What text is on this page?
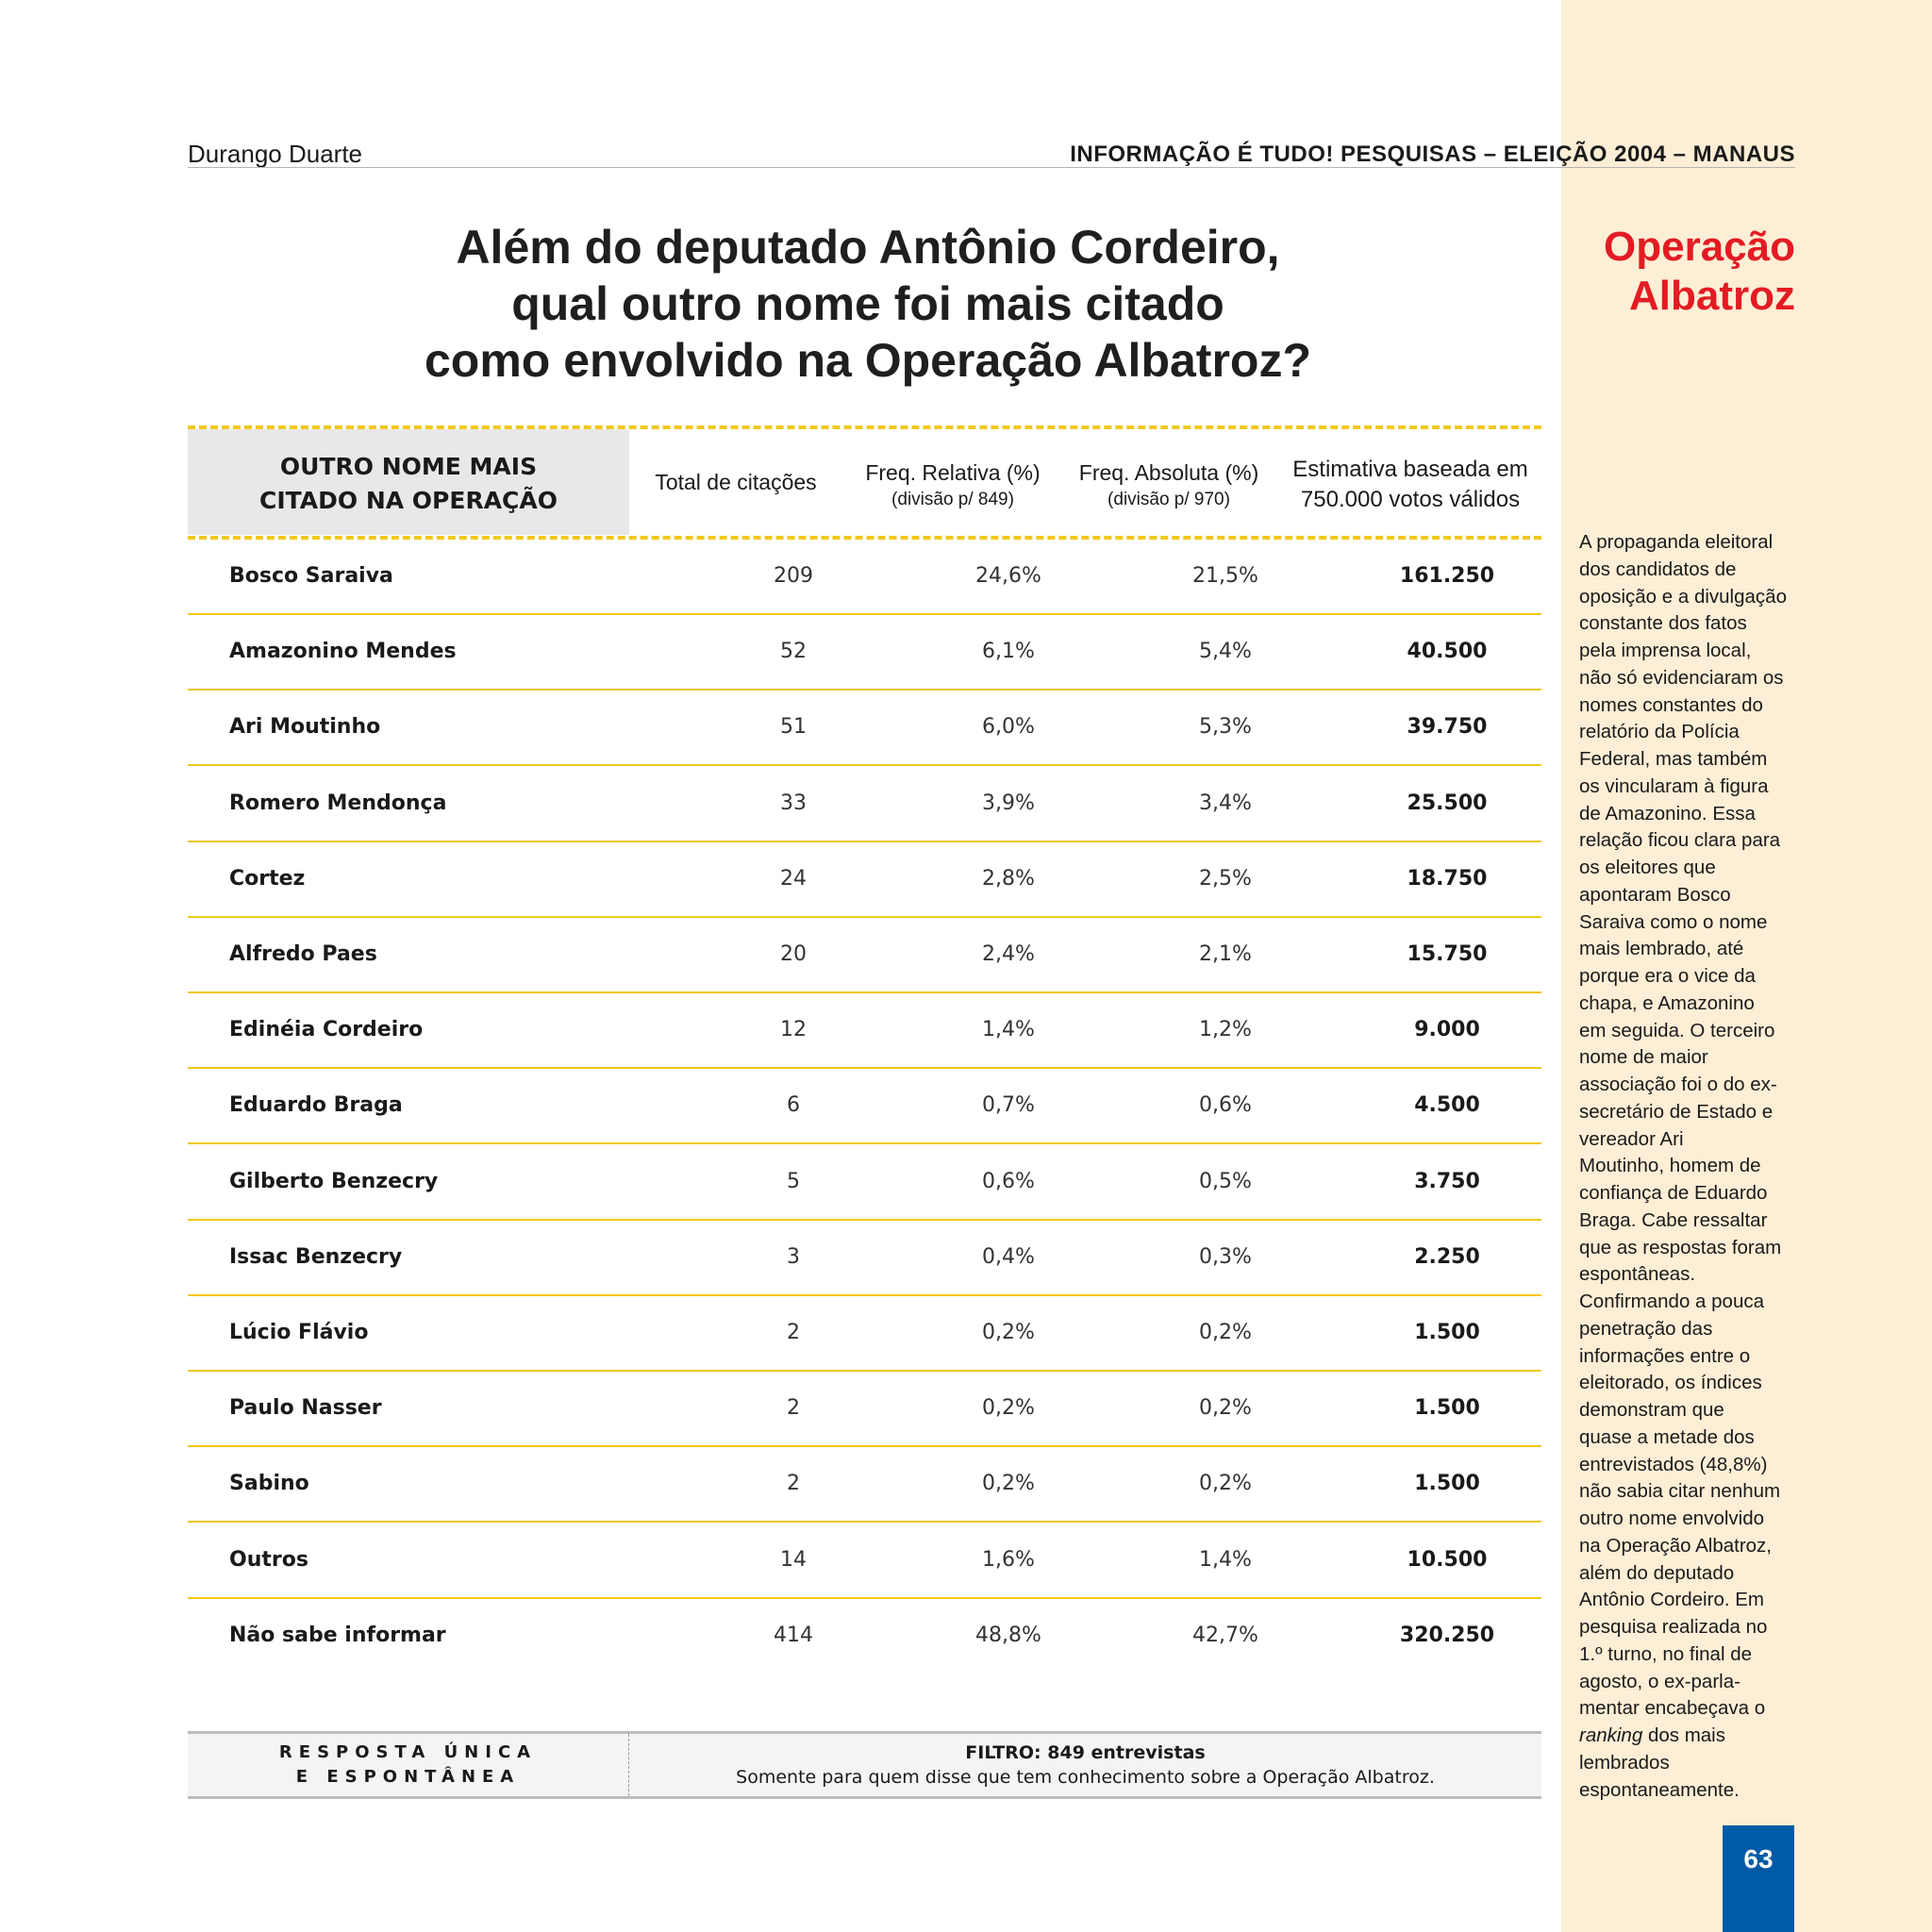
Durango Duarte	INFORMAÇÃO É TUDO! PESQUISAS – ELEIÇÃO 2004 – MANAUS
Além do deputado Antônio Cordeiro,
qual outro nome foi mais citado
como envolvido na Operação Albatroz?
Operação
Albatroz
A propaganda eleitoral
dos candidatos de
oposição e a divulgação
constante dos fatos
pela imprensa local,
não só evidenciaram os
nomes constantes do
relatório da Polícia
Federal, mas também
os vincularam à figura
de Amazonino. Essa
relação ficou clara para
os eleitores que
apontaram Bosco
Saraiva como o nome
mais lembrado, até
porque era o vice da
chapa, e Amazonino
em seguida. O terceiro
nome de maior
associação foi o do ex-
secretário de Estado e
vereador Ari
Moutinho, homem de
confiança de Eduardo
Braga. Cabe ressaltar
que as respostas foram
espontâneas.
Confirmando a pouca
penetração das
informações entre o
eleitorado, os índices
demonstram que
quase a metade dos
entrevistados (48,8%)
não sabia citar nenhum
outro nome envolvido
na Operação Albatroz,
além do deputado
Antônio Cordeiro. Em
pesquisa realizada no
1.º turno, no final de
agosto, o ex-parla-
mentar encabeçava o
ranking dos mais
lembrados
espontaneamente.
63
OUTRO NOME MAIS
CITADO NA OPERAÇÃO
Total de citações	Freq. Relativa (%)
(divisão p/ 849)
Freq. Absoluta (%)
(divisão p/ 970)
Estimativa baseada em
750.000 votos válidos
Bosco Saraiva	209	24,6%	21,5%	161.250
Amazonino Mendes	52	6,1%	5,4%	40.500
Ari Moutinho	51	6,0%	5,3%	39.750
Romero Mendonça	33	3,9%	3,4%	25.500
Cortez	24	2,8%	2,5%	18.750
Alfredo Paes	20	2,4%	2,1%	15.750
Edinéia Cordeiro	12	1,4%	1,2%	9.000
Eduardo Braga	6	0,7%	0,6%	4.500
Gilberto Benzecry	5	0,6%	0,5%	3.750
Issac Benzecry	3	0,4%	0,3%	2.250
Lúcio Flávio	2	0,2%	0,2%	1.500
Paulo Nasser	2	0,2%	0,2%	1.500
Sabino	2	0,2%	0,2%	1.500
Outros	14	1,6%	1,4%	10.500
Não sabe informar	414	48,8%	42,7%	320.250
RESPOSTA ÚNICA
E ESPONTÂNEA
FILTRO: 849 entrevistas
Somente para quem disse que tem conhecimento sobre a Operação Albatroz.
